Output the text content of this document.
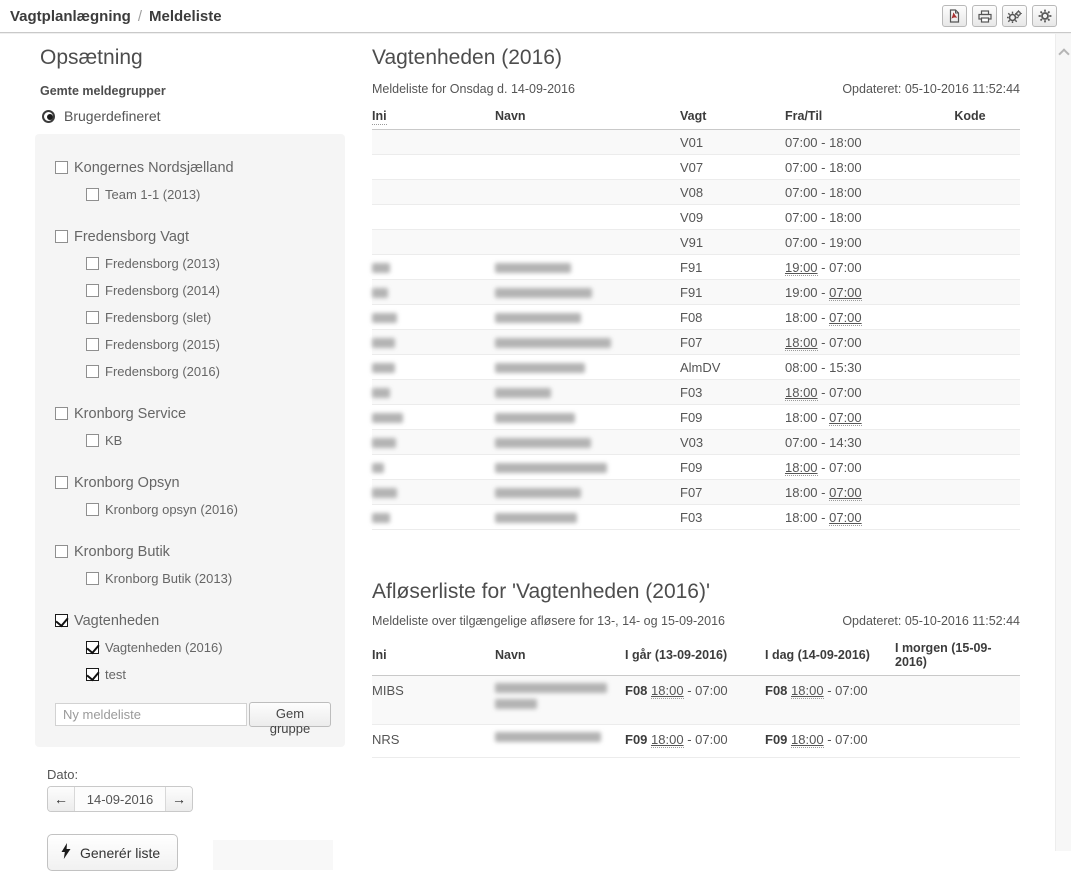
Vagtplanlægning / Meldeliste
Opsætning
Gemte meldegrupper
Brugerdefineret
Kongernes Nordsjælland
Team 1-1 (2013)
Fredensborg Vagt
Fredensborg (2013)
Fredensborg (2014)
Fredensborg (slet)
Fredensborg (2015)
Fredensborg (2016)
Kronborg Service
KB
Kronborg Opsyn
Kronborg opsyn (2016)
Kronborg Butik
Kronborg Butik (2013)
Vagtenheden
Vagtenheden (2016)
test
Ny meldeliste
Gem gruppe
Dato:
←	14-09-2016	→

Generér liste
Vagtenheden (2016)
Meldeliste for Onsdag d. 14-09-2016	Opdateret: 05-10-2016 11:52:44
Ini	Navn	Vagt	Fra/Til	Kode
		V01	07:00 - 18:00	
		V07	07:00 - 18:00	
		V08	07:00 - 18:00	
		V09	07:00 - 18:00	
		V91	07:00 - 19:00	
		F91	19:00 - 07:00	
		F91	19:00 - 07:00	
		F08	18:00 - 07:00	
		F07	18:00 - 07:00	
		AlmDV	08:00 - 15:30	
		F03	18:00 - 07:00	
		F09	18:00 - 07:00	
		V03	07:00 - 14:30	
		F09	18:00 - 07:00	
		F07	18:00 - 07:00	
		F03	18:00 - 07:00	
Afløserliste for 'Vagtenheden (2016)'
Meldeliste over tilgængelige afløsere for 13-, 14- og 15-09-2016	Opdateret: 05-10-2016 11:52:44
Ini	Navn	I går (13-09-2016)	I dag (14-09-2016)	I morgen (15-09-2016)
MIBS		F08 18:00 - 07:00	F08 18:00 - 07:00	
NRS		F09 18:00 - 07:00	F09 18:00 - 07:00	
